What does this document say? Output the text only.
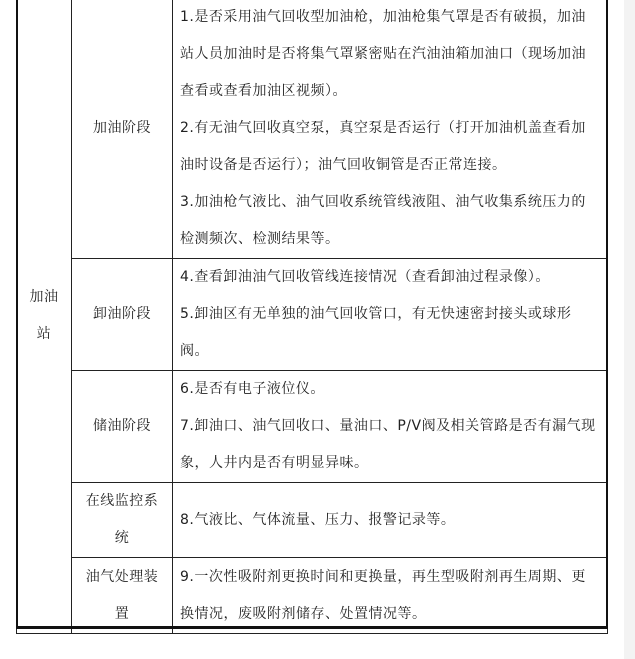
加油站	加油阶段	1.是否采用油气回收型加油枪，加油枪集气罩是否有破损，加油站人员加油时是否将集气罩紧密贴在汽油油箱加油口（现场加油查看或查看加油区视频）。
2.有无油气回收真空泵，真空泵是否运行（打开加油机盖查看加油时设备是否运行）；油气回收铜管是否正常连接。
3.加油枪气液比、油气回收系统管线液阻、油气收集系统压力的检测频次、检测结果等。

	卸油阶段	4.查看卸油油气回收管线连接情况（查看卸油过程录像）。
5.卸油区有无单独的油气回收管口，有无快速密封接头或球形阀。

	储油阶段	6.是否有电子液位仪。
7.卸油口、油气回收口、量油口、P/V阀及相关管路是否有漏气现象，人井内是否有明显异味。

	在线监控系统	8.气液比、气体流量、压力、报警记录等。

	油气处理装置	9.一次性吸附剂更换时间和更换量，再生型吸附剂再生周期、更换情况，废吸附剂储存、处置情况等。
